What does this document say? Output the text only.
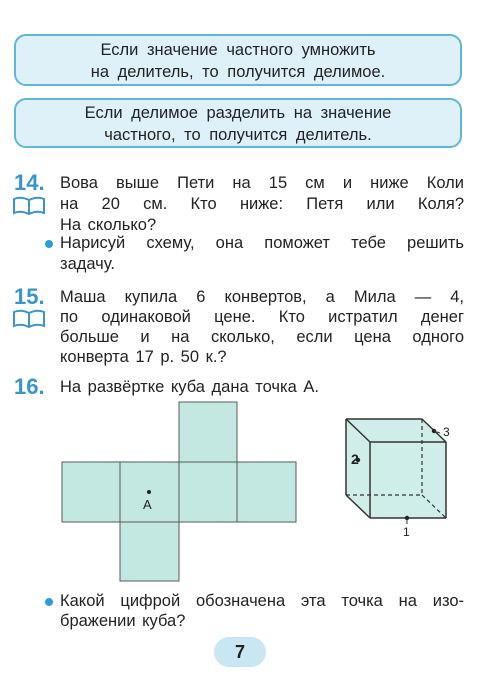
Если значение частного умножить
на делитель, то получится делимое.
Если делимое разделить на значение
частного, то получится делитель.
14. Вова выше Пети на 15 см и ниже Коли
на 20 см. Кто ниже: Петя или Коля?
На сколько?
Нарисуй схему, она поможет тебе решить
задачу.
15. Маша купила 6 конвертов, а Мила — 4,
по одинаковой цене. Кто истратил денег
больше и на сколько, если цена одного
конверта 17 р. 50 к.?
16. На развёртке куба дана точка А.
А
2
1
3
Какой цифрой обозначена эта точка на изо-
бражении куба?
7
